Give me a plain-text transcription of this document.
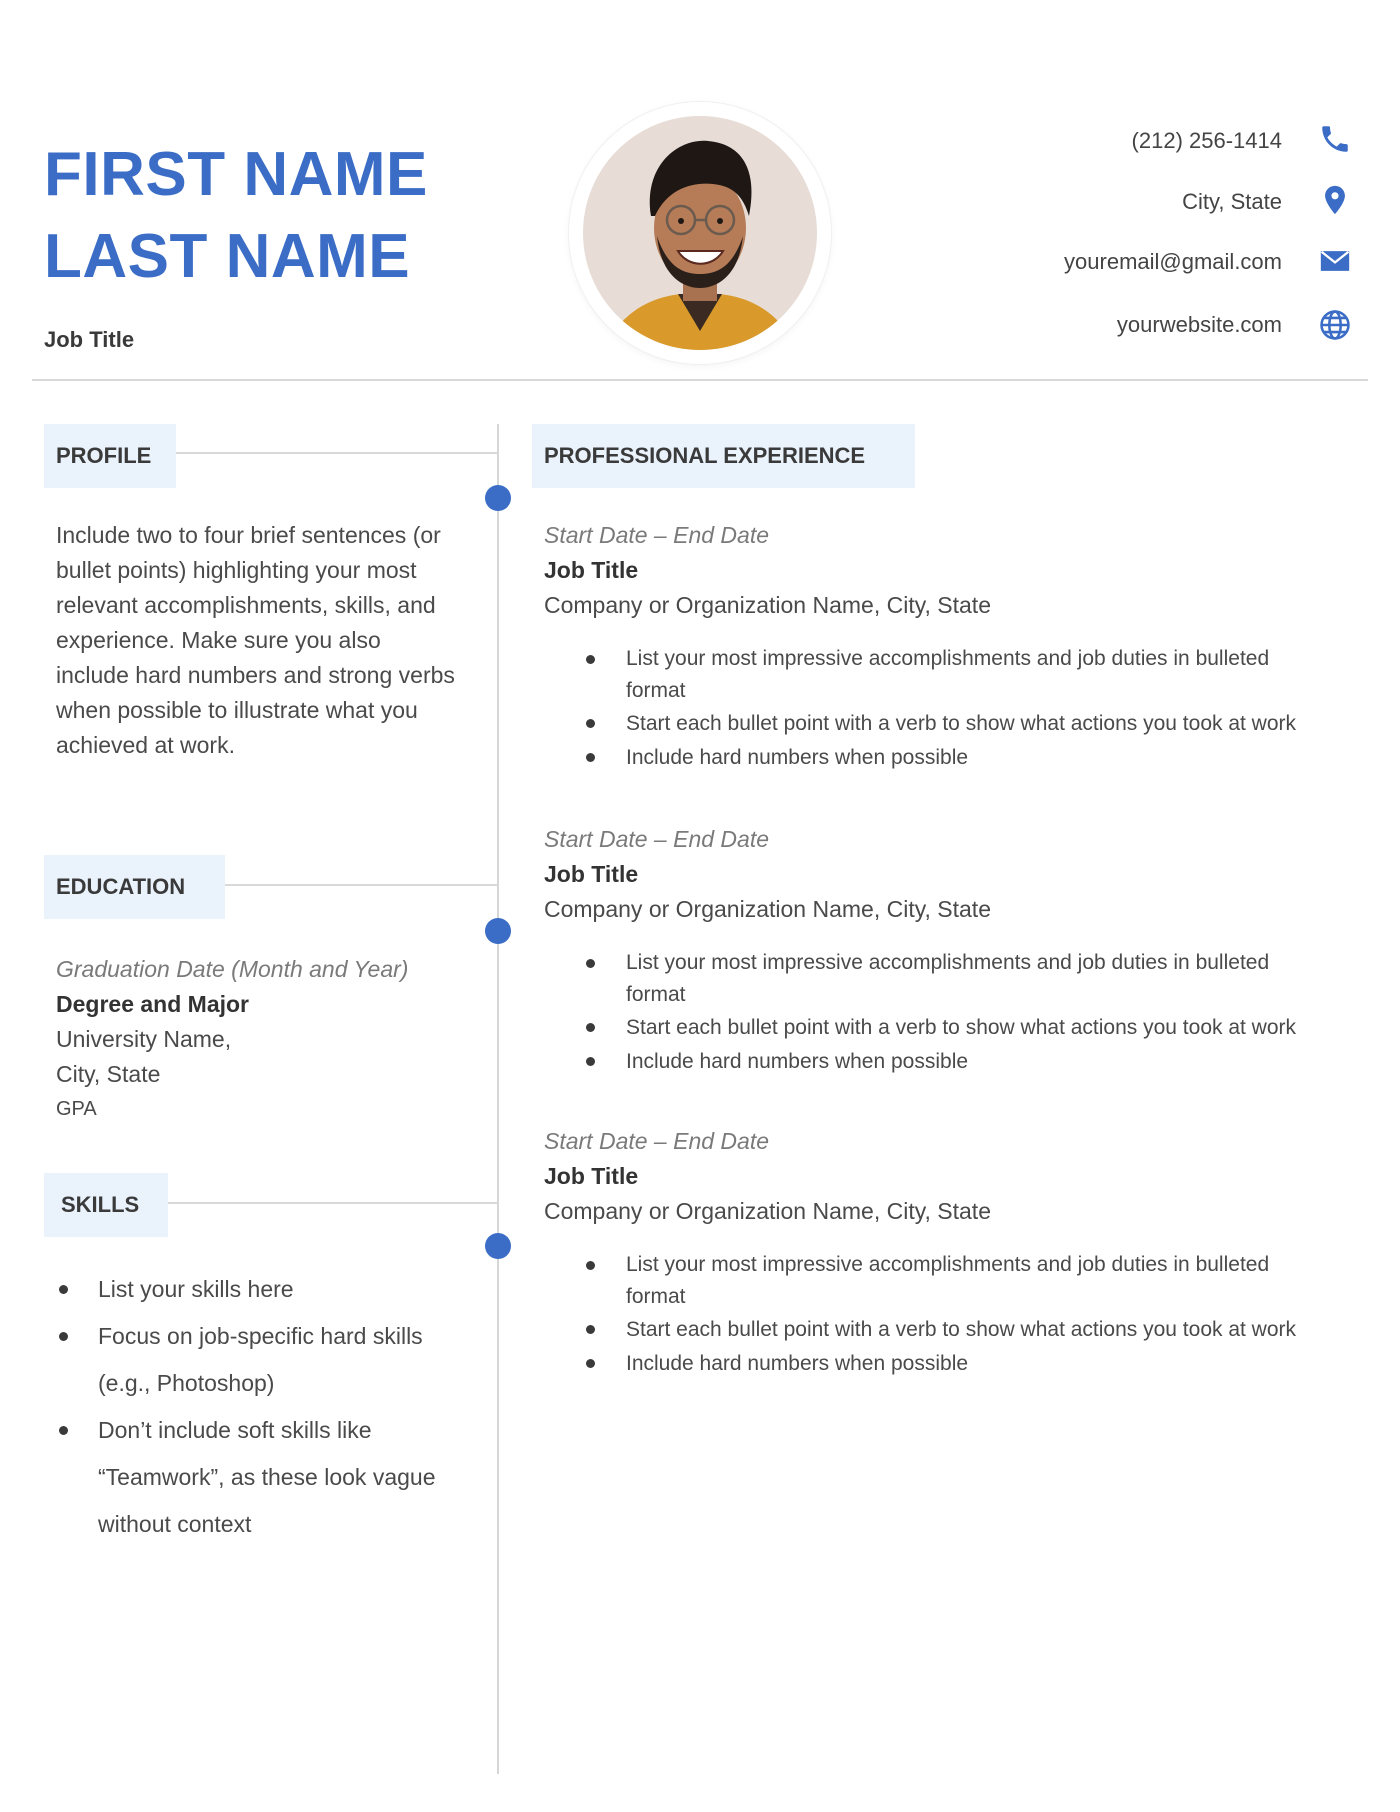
FIRST NAME
LAST NAME
Job Title
(212) 256-1414
City, State
youremail@gmail.com
yourwebsite.com
PROFILE
Include two to four brief sentences (or
bullet points) highlighting your most
relevant accomplishments, skills, and
experience. Make sure you also
include hard numbers and strong verbs
when possible to illustrate what you
achieved at work.
EDUCATION
Graduation Date (Month and Year)
Degree and Major
University Name,
City, State
GPA
SKILLS
List your skills here
Focus on job-specific hard skills
(e.g., Photoshop)
Don’t include soft skills like
“Teamwork”, as these look vague
without context
PROFESSIONAL EXPERIENCE
Start Date – End Date
Job Title
Company or Organization Name, City, State
List your most impressive accomplishments and job duties in bulleted
format
Start each bullet point with a verb to show what actions you took at work
Include hard numbers when possible
Start Date – End Date
Job Title
Company or Organization Name, City, State
List your most impressive accomplishments and job duties in bulleted
format
Start each bullet point with a verb to show what actions you took at work
Include hard numbers when possible
Start Date – End Date
Job Title
Company or Organization Name, City, State
List your most impressive accomplishments and job duties in bulleted
format
Start each bullet point with a verb to show what actions you took at work
Include hard numbers when possible
